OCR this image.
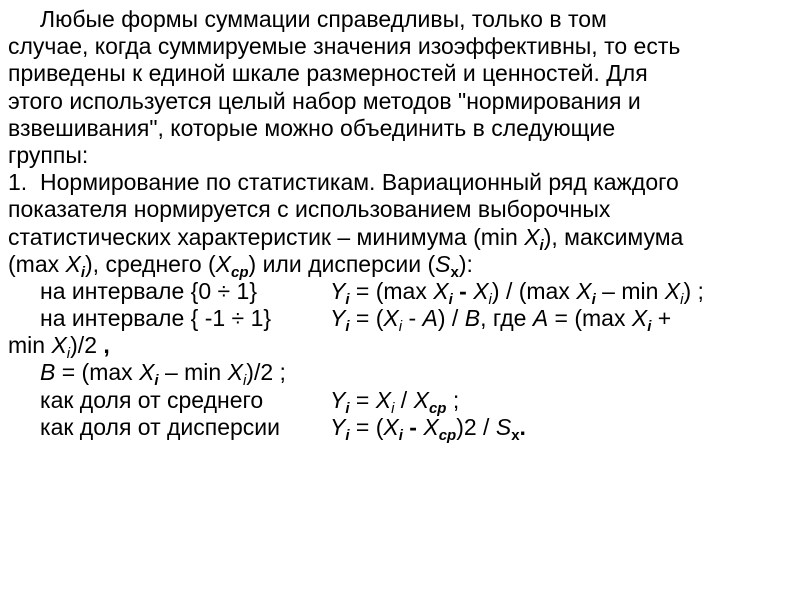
Любые формы суммации справедливы, только в том
случае, когда суммируемые значения изоэффективны, то есть
приведены к единой шкале размерностей и ценностей. Для
этого используется целый набор методов "нормирования и
взвешивания", которые можно объединить в следующие
группы:
1. Нормирование по статистикам. Вариационный ряд каждого
показателя нормируется с использованием выборочных
статистических характеристик – минимума (min $X_i$), максимума
(max $X_i$), среднего $(X_{cp})$ или дисперсии $(S_x)$:
на интервале {0 ÷ 1}	$Y_i = (\max$ $X_i - X_i) / (\max$ $X_i$ – $\min X_i$) ;
на интервале { -1 ÷ 1}	$Y_i = (X_i - A) / B$, где A = (max $X_i$ +
$\min X_i)/2$ ,
B = (max $X_i$ – $\min X_i)/2$ ;
как доля от среднего	$Y_i = X_i / X_{cp}$ ;
как доля от дисперсии $Y_i = (X_i - X_{cp})2 / S_x$.
